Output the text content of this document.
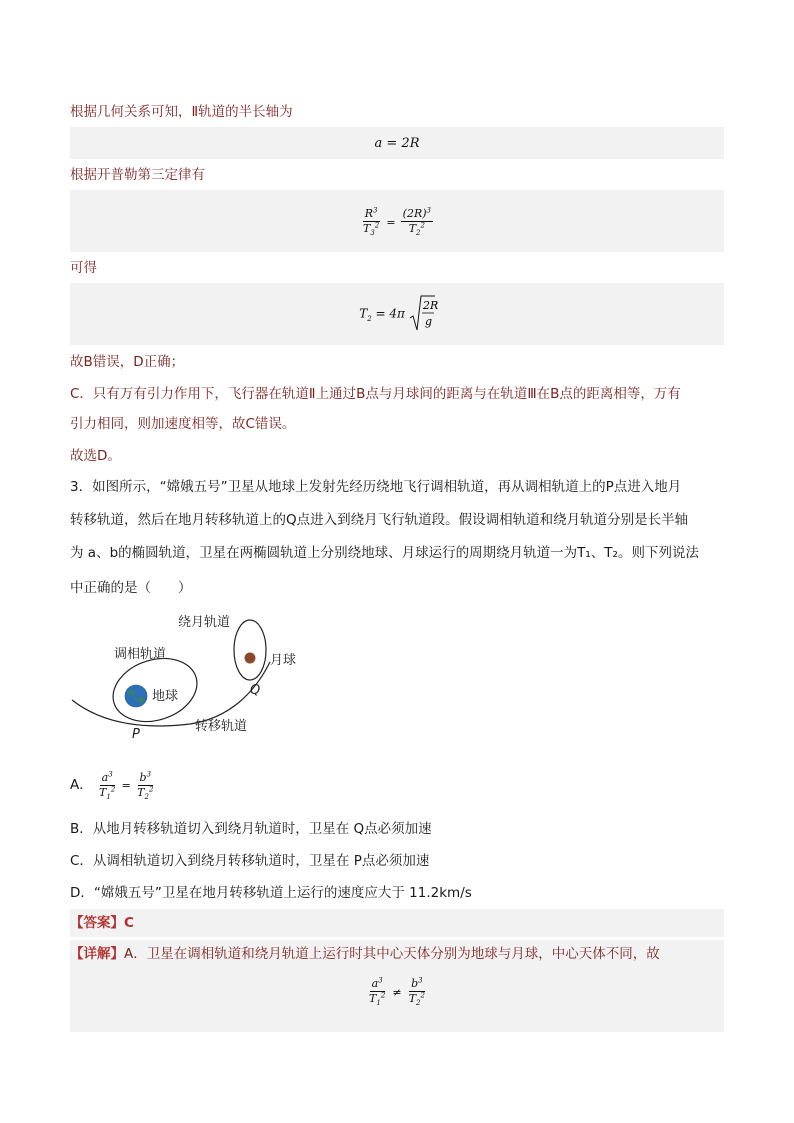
根据几何关系可知，Ⅱ轨道的半长轴为
a = 2R
根据开普勒第三定律有
$\frac{R^3}{T_3^2} = \frac{(2R)^3}{T_2^2}$
可得
$T_2 = 4\pi$
2R
g
故B错误，D正确；
C．只有万有引力作用下，飞行器在轨道Ⅱ上通过B点与月球间的距离与在轨道Ⅲ在B点的距离相等，万有
引力相同，则加速度相等，故C错误。
故选D。
3．如图所示，“嫦娥五号”卫星从地球上发射先经历绕地飞行调相轨道，再从调相轨道上的P点进入地月
转移轨道，然后在地月转移轨道上的Q点进入到绕月飞行轨道段。假设调相轨道和绕月轨道分别是长半轴
为 a、b的椭圆轨道，卫星在两椭圆轨道上分别绕地球、月球运行的周期绕月轨道一为T₁、T₂。则下列说法
中正确的是（　　）
绕月轨道
调相轨道	月球
地球	Q
P
转移轨道
A． $\frac{a^3}{T_1^2} = \frac{b^3}{T_2^2}$
B．从地月转移轨道切入到绕月轨道时，卫星在 Q点必须加速
C．从调相轨道切入到绕月转移轨道时，卫星在 P点必须加速
D．“嫦娥五号”卫星在地月转移轨道上运行的速度应大于 11.2km/s
【答案】C
【详解】A．卫星在调相轨道和绕月轨道上运行时其中心天体分别为地球与月球，中心天体不同，故
$\frac{a^3}{T_1^2} \ne \frac{b^3}{T_2^2}$
